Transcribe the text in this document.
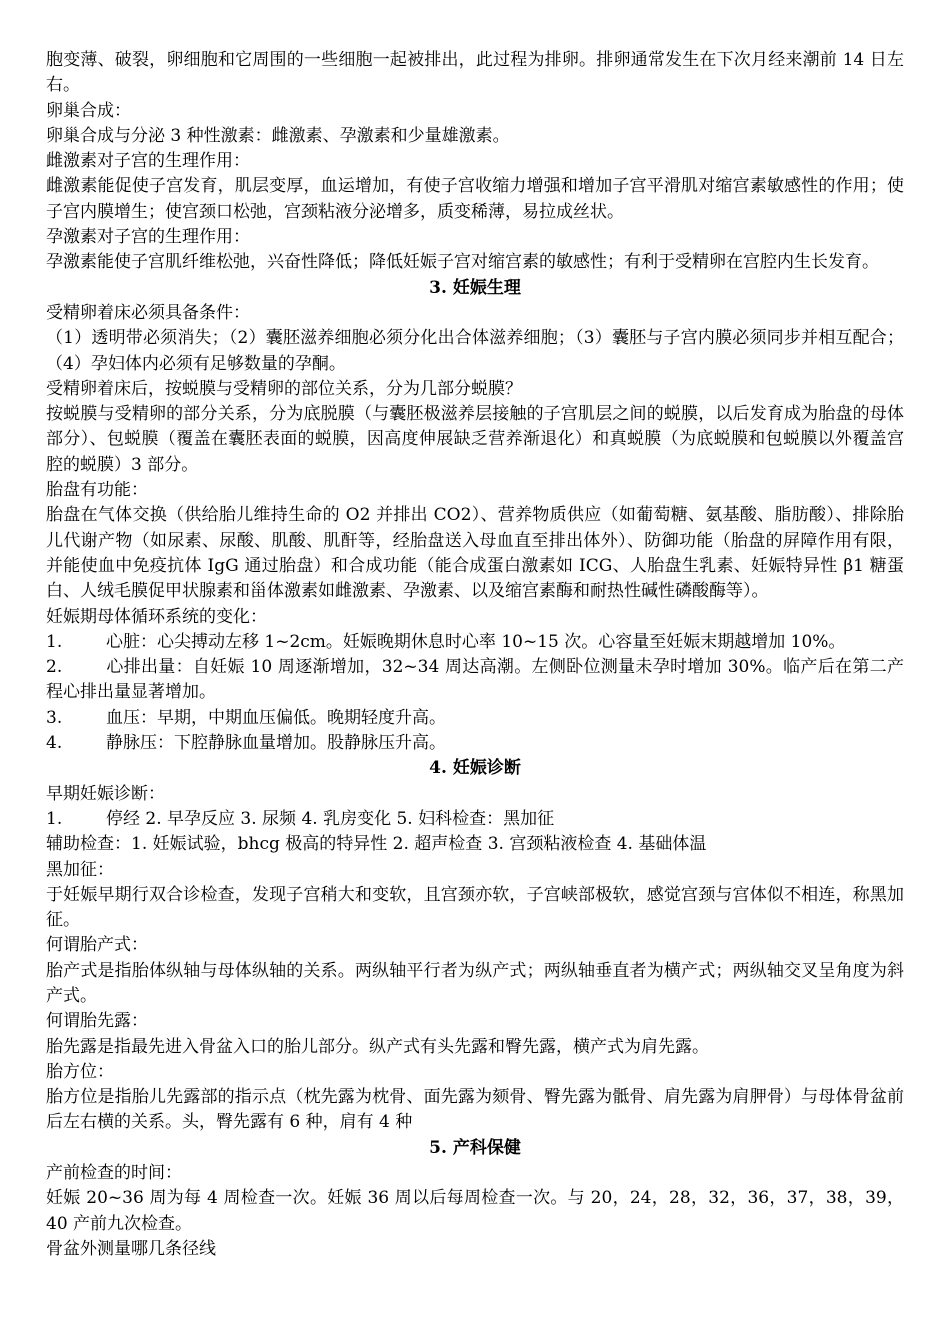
胞变薄、破裂，卵细胞和它周围的一些细胞一起被排出，此过程为排卵。排卵通常发生在下次月经来潮前 14 日左右。

卵巢合成：

卵巢合成与分泌 3 种性激素：雌激素、孕激素和少量雄激素。

雌激素对子宫的生理作用：

雌激素能促使子宫发育，肌层变厚，血运增加，有使子宫收缩力增强和增加子宫平滑肌对缩宫素敏感性的作用；使子宫内膜增生；使宫颈口松弛，宫颈粘液分泌增多，质变稀薄，易拉成丝状。

孕激素对子宫的生理作用：

孕激素能使子宫肌纤维松弛，兴奋性降低；降低妊娠子宫对缩宫素的敏感性；有利于受精卵在宫腔内生长发育。

3. 妊娠生理

受精卵着床必须具备条件：

（1）透明带必须消失；（2）囊胚滋养细胞必须分化出合体滋养细胞；（3）囊胚与子宫内膜必须同步并相互配合；（4）孕妇体内必须有足够数量的孕酮。

受精卵着床后，按蜕膜与受精卵的部位关系，分为几部分蜕膜？

按蜕膜与受精卵的部分关系，分为底脱膜（与囊胚极滋养层接触的子宫肌层之间的蜕膜，以后发育成为胎盘的母体部分）、包蜕膜（覆盖在囊胚表面的蜕膜，因高度伸展缺乏营养渐退化）和真蜕膜（为底蜕膜和包蜕膜以外覆盖宫腔的蜕膜）3 部分。

胎盘有功能：

胎盘在气体交换（供给胎儿维持生命的 O2 并排出 CO2）、营养物质供应（如葡萄糖、氨基酸、脂肪酸）、排除胎儿代谢产物（如尿素、尿酸、肌酸、肌酐等，经胎盘送入母血直至排出体外）、防御功能（胎盘的屏障作用有限，并能使血中免疫抗体 IgG 通过胎盘）和合成功能（能合成蛋白激素如 ICG、人胎盘生乳素、妊娠特异性 β1 糖蛋白、人绒毛膜促甲状腺素和甾体激素如雌激素、孕激素、以及缩宫素酶和耐热性碱性磷酸酶等）。

妊娠期母体循环系统的变化：

1.	心脏：心尖搏动左移 1~2cm。妊娠晚期休息时心率 10~15 次。心容量至妊娠末期越增加 10%。

2.	心排出量：自妊娠 10 周逐渐增加，32~34 周达高潮。左侧卧位测量未孕时增加 30%。临产后在第二产程心排出量显著增加。

3.	血压：早期，中期血压偏低。晚期轻度升高。

4.	静脉压：下腔静脉血量增加。股静脉压升高。

4. 妊娠诊断

早期妊娠诊断：

1.	停经 2. 早孕反应 3. 尿频 4. 乳房变化 5. 妇科检查：黑加征

辅助检查：1. 妊娠试验，bhcg 极高的特异性 2. 超声检查 3. 宫颈粘液检查 4. 基础体温

黑加征：

于妊娠早期行双合诊检查，发现子宫稍大和变软，且宫颈亦软，子宫峡部极软，感觉宫颈与宫体似不相连，称黑加征。

何谓胎产式：

胎产式是指胎体纵轴与母体纵轴的关系。两纵轴平行者为纵产式；两纵轴垂直者为横产式；两纵轴交叉呈角度为斜产式。

何谓胎先露：

胎先露是指最先进入骨盆入口的胎儿部分。纵产式有头先露和臀先露，横产式为肩先露。

胎方位：

胎方位是指胎儿先露部的指示点（枕先露为枕骨、面先露为颏骨、臀先露为骶骨、肩先露为肩胛骨）与母体骨盆前后左右横的关系。头，臀先露有 6 种，肩有 4 种

5. 产科保健

产前检查的时间：

妊娠 20~36 周为每 4 周检查一次。妊娠 36 周以后每周检查一次。与 20，24，28，32，36，37，38，39，40 产前九次检查。

骨盆外测量哪几条径线
